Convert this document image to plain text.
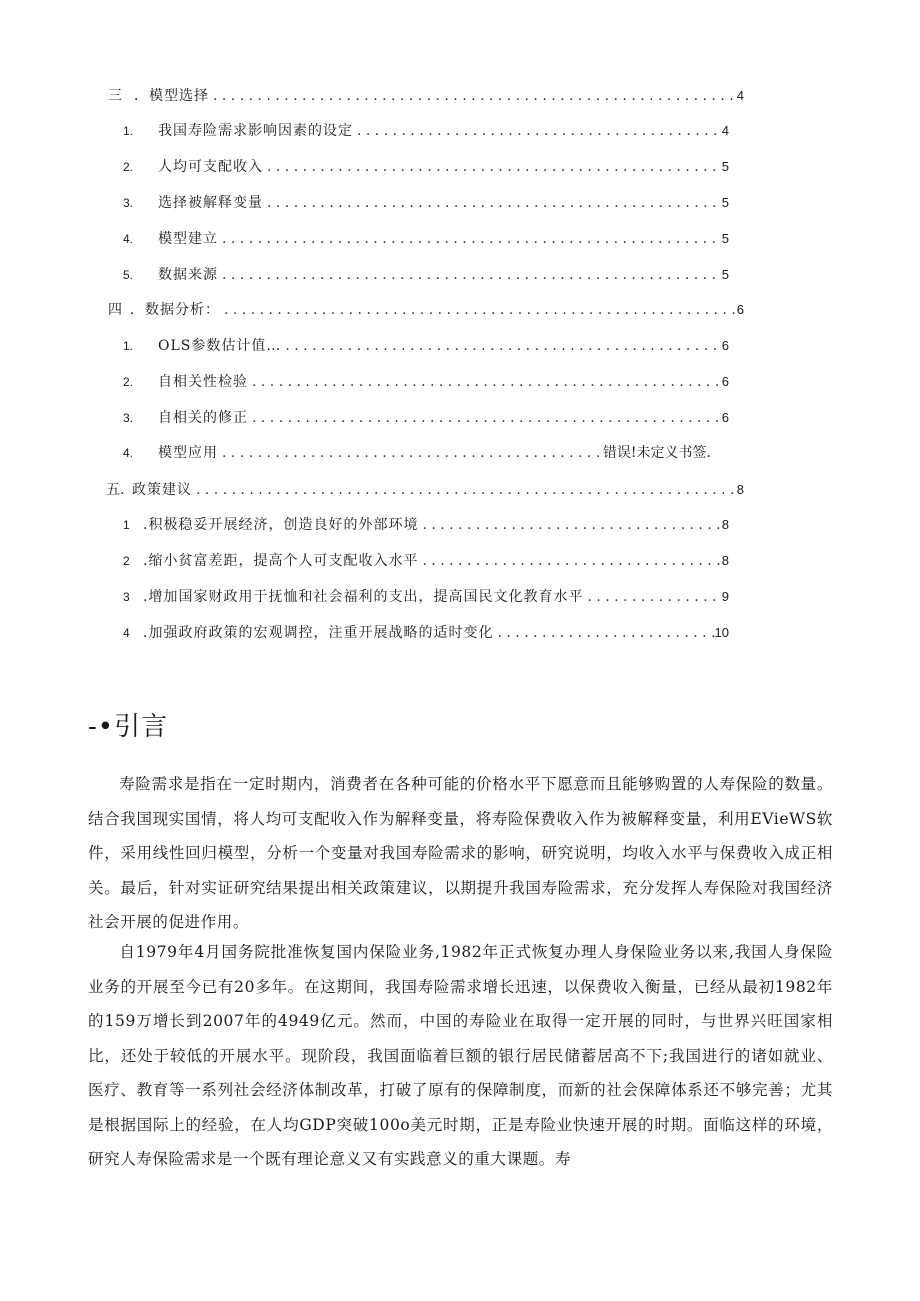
三 ．模型选择 . . .	4
1.	我国寿险需求影响因素的设定 . . .	4
2.	人均可支配收入 . . .	5
3.	选择被解释变量 . . .	5
4.	模型建立 . . .	5
5.	数据来源 . . .	5
四 ．数据分析： . . .	6
1.	OLS参数估计值… . . .	6
2.	自相关性检验 . . .	6
3.	自相关的修正 . . .	6
4.	模型应用 . . .	错误!未定义书签.
五. 政策建议 . . .	8
1 .积极稳妥开展经济，创造良好的外部环境 . . .	8
2 .缩小贫富差距，提高个人可支配收入水平 . . .	8
3 .增加国家财政用于抚恤和社会福利的支出，提高国民文化教育水平 . . .	9
4 .加强政府政策的宏观调控，注重开展战略的适时变化 . . .	10
-•引言
寿险需求是指在一定时期内，消费者在各种可能的价格水平下愿意而且能够购置的人寿保险的数量。结合我国现实国情，将人均可支配收入作为解释变量，将寿险保费收入作为被解释变量，利用EVieWS软件，采用线性回归模型，分析一个变量对我国寿险需求的影响，研究说明，均收入水平与保费收入成正相关。最后，针对实证研究结果提出相关政策建议，以期提升我国寿险需求，充分发挥人寿保险对我国经济社会开展的促进作用。
自1979年4月国务院批准恢复国内保险业务,1982年正式恢复办理人身保险业务以来,我国人身保险业务的开展至今已有20多年。在这期间，我国寿险需求增长迅速，以保费收入衡量，已经从最初1982年的159万增长到2007年的4949亿元。然而，中国的寿险业在取得一定开展的同时，与世界兴旺国家相比，还处于较低的开展水平。现阶段，我国面临着巨额的银行居民储蓄居高不下;我国进行的诸如就业、医疗、教育等一系列社会经济体制改革，打破了原有的保障制度，而新的社会保障体系还不够完善；尤其是根据国际上的经验，在人均GDP突破100o美元时期，正是寿险业快速开展的时期。面临这样的环境，研究人寿保险需求是一个既有理论意义又有实践意义的重大课题。寿
